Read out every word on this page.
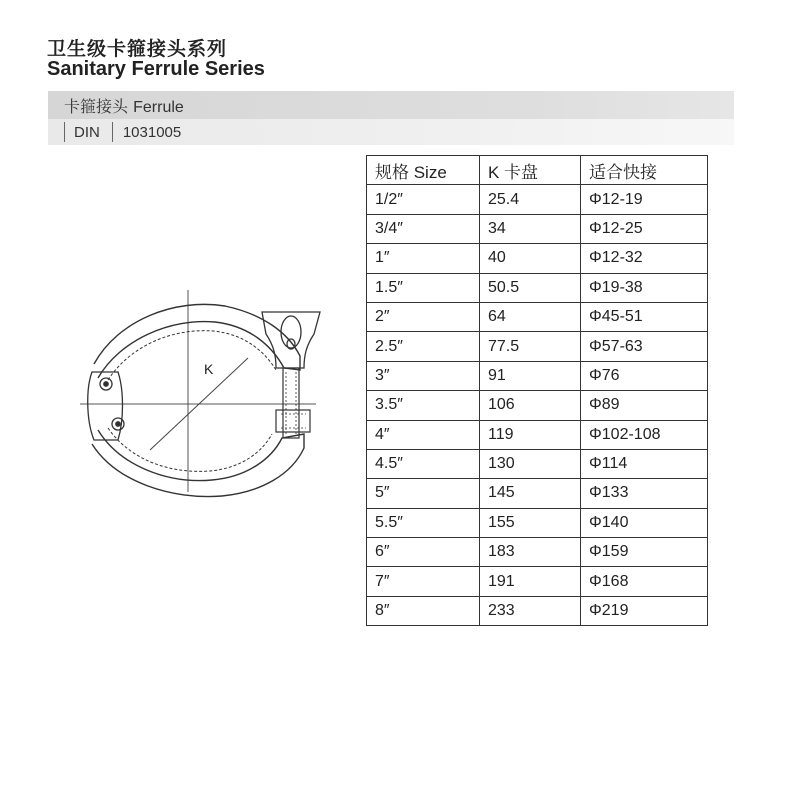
卫生级卡箍接头系列
Sanitary Ferrule Series
卡箍接头 Ferrule
DIN	1031005
K
规格 Size	K 卡盘	适合快接
1/2″	25.4	Φ12-19
3/4″	34	Φ12-25
1″	40	Φ12-32
1.5″	50.5	Φ19-38
2″	64	Φ45-51
2.5″	77.5	Φ57-63
3″	91	Φ76
3.5″	106	Φ89
4″	119	Φ102-108
4.5″	130	Φ114
5″	145	Φ133
5.5″	155	Φ140
6″	183	Φ159
7″	191	Φ168
8″	233	Φ219
